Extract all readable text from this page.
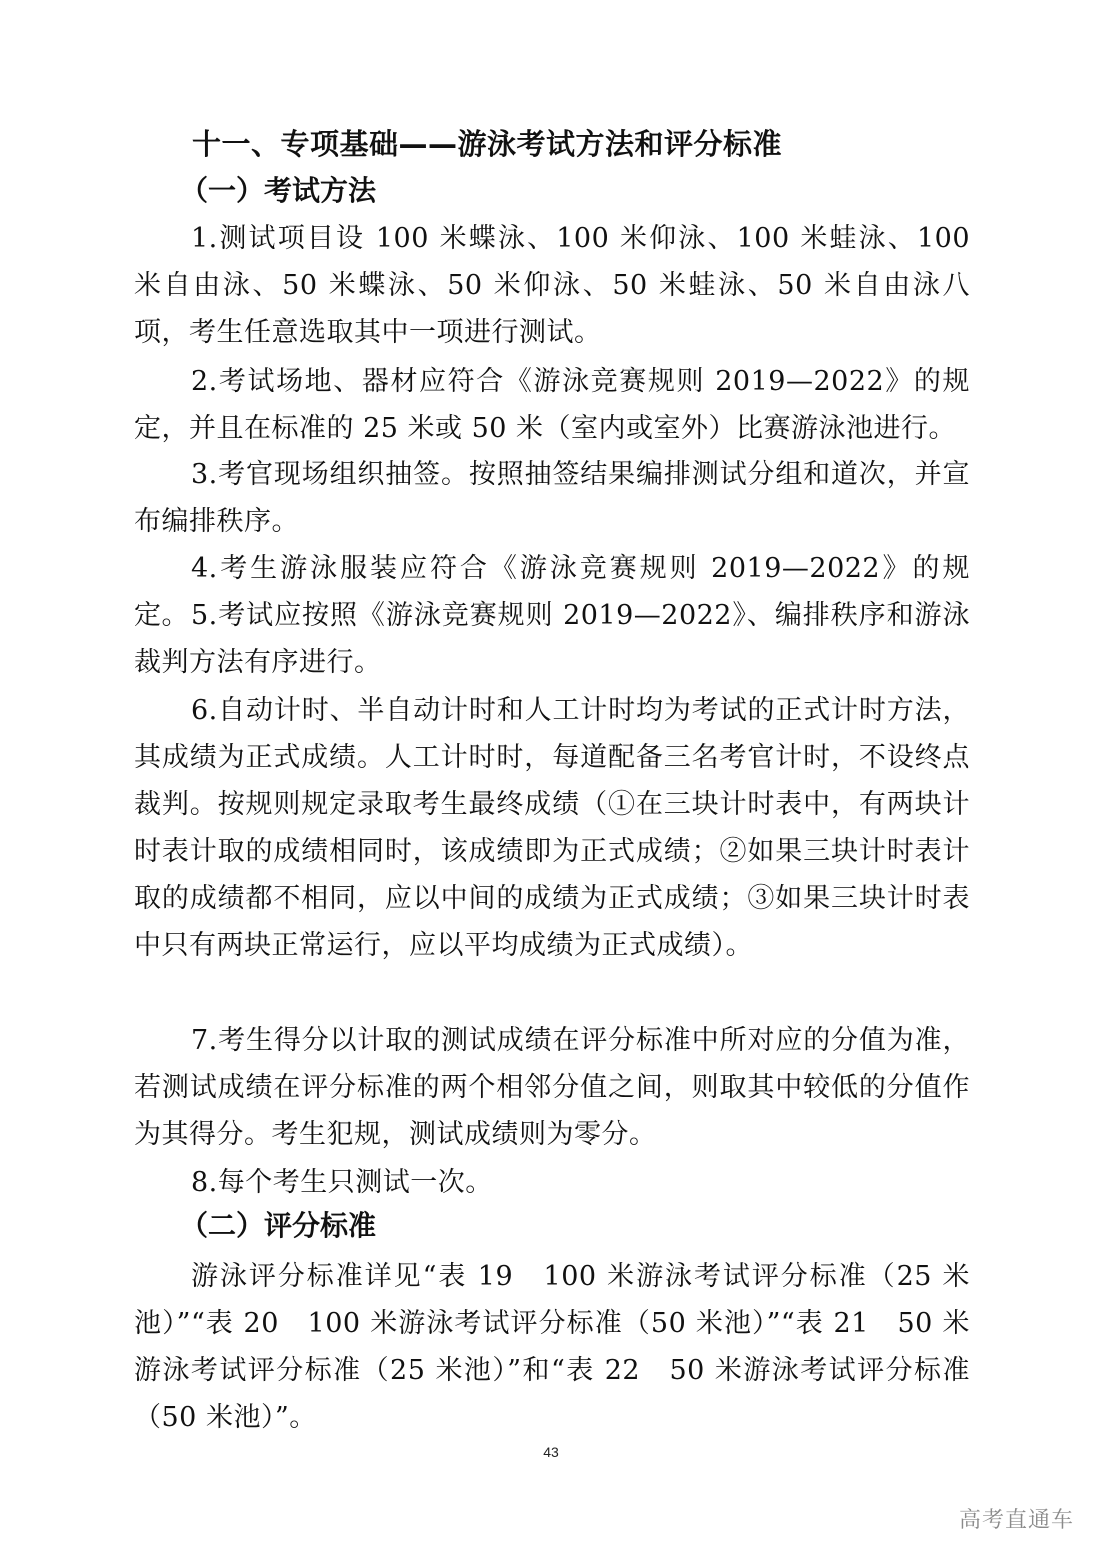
十一、专项基础——游泳考试方法和评分标准
（一）考试方法
1.测试项目设 100 米蝶泳、100 米仰泳、100 米蛙泳、100 米自由泳、50 米蝶泳、50 米仰泳、50 米蛙泳、50 米自由泳八项，考生任意选取其中一项进行测试。
2.考试场地、器材应符合《游泳竞赛规则 2019—2022》的规定，并且在标准的 25 米或 50 米（室内或室外）比赛游泳池进行。
3.考官现场组织抽签。按照抽签结果编排测试分组和道次，并宣布编排秩序。
4.考生游泳服装应符合《游泳竞赛规则 2019—2022》的规定。 5.考试应按照《游泳竞赛规则 2019—2022》、编排秩序和游泳裁判方法有序进行。
6.自动计时、半自动计时和人工计时均为考试的正式计时方法，其成绩为正式成绩。人工计时时，每道配备三名考官计时，不设终点裁判。按规则规定录取考生最终成绩（①在三块计时表中，有两块计时表计取的成绩相同时，该成绩即为正式成绩；②如果三块计时表计取的成绩都不相同，应以中间的成绩为正式成绩；③如果三块计时表中只有两块正常运行，应以平均成绩为正式成绩）。
7.考生得分以计取的测试成绩在评分标准中所对应的分值为准，若测试成绩在评分标准的两个相邻分值之间，则取其中较低的分值作为其得分。考生犯规，测试成绩则为零分。
8.每个考生只测试一次。
（二）评分标准
游泳评分标准详见“表 19　100 米游泳考试评分标准（25 米池）”“表 20　100 米游泳考试评分标准（50 米池）”“表 21　50 米游泳考试评分标准（25 米池）”和“表 22　50 米游泳考试评分标准（50 米池）”。
43
高考直通车
